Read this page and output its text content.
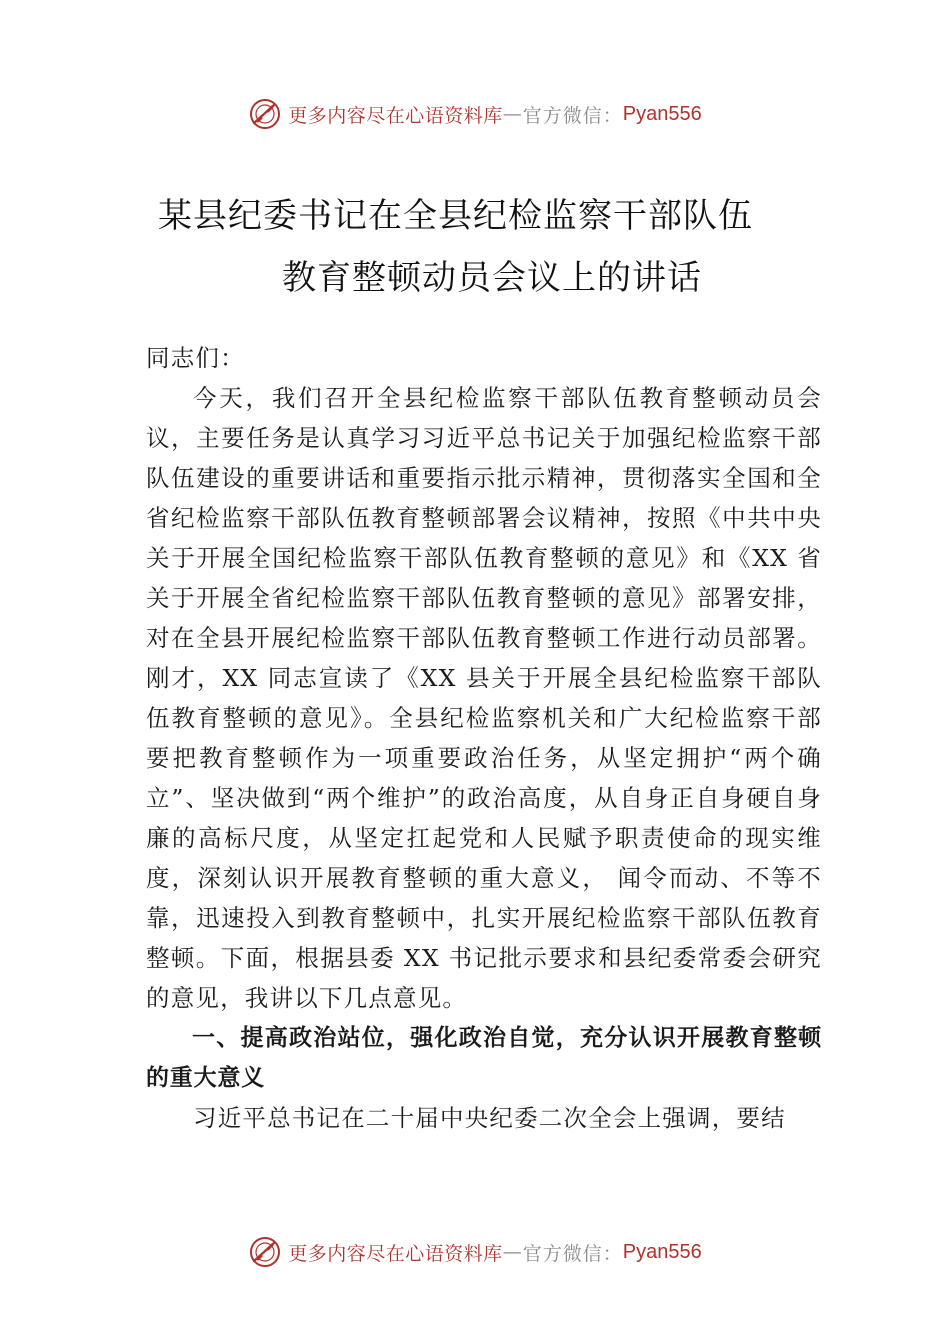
更多内容尽在心语资料库 — 官方微信： Pyan556
某县纪委书记在全县纪检监察干部队伍
教育整顿动员会议上的讲话

同志们：

今天，我们召开全县纪检监察干部队伍教育整顿动员会议，主要任务是认真学习习近平总书记关于加强纪检监察干部队伍建设的重要讲话和重要指示批示精神，贯彻落实全国和全省纪检监察干部队伍教育整顿部署会议精神，按照《中共中央关于开展全国纪检监察干部队伍教育整顿的意见》和《XX 省关于开展全省纪检监察干部队伍教育整顿的意见》部署安排，对在全县开展纪检监察干部队伍教育整顿工作进行动员部署。刚才，XX 同志宣读了《XX 县关于开展全县纪检监察干部队伍教育整顿的意见》。全县纪检监察机关和广大纪检监察干部要把教育整顿作为一项重要政治任务，从坚定拥护“两个确立”、坚决做到“两个维护”的政治高度，从自身正自身硬自身廉的高标尺度，从坚定扛起党和人民赋予职责使命的现实维度，深刻认识开展教育整顿的重大意义， 闻令而动、不等不靠，迅速投入到教育整顿中，扎实开展纪检监察干部队伍教育整顿。下面，根据县委 XX 书记批示要求和县纪委常委会研究的意见，我讲以下几点意见。

一、提高政治站位，强化政治自觉，充分认识开展教育整顿的重大意义

习近平总书记在二十届中央纪委二次全会上强调，要结

更多内容尽在心语资料库 — 官方微信： Pyan556
